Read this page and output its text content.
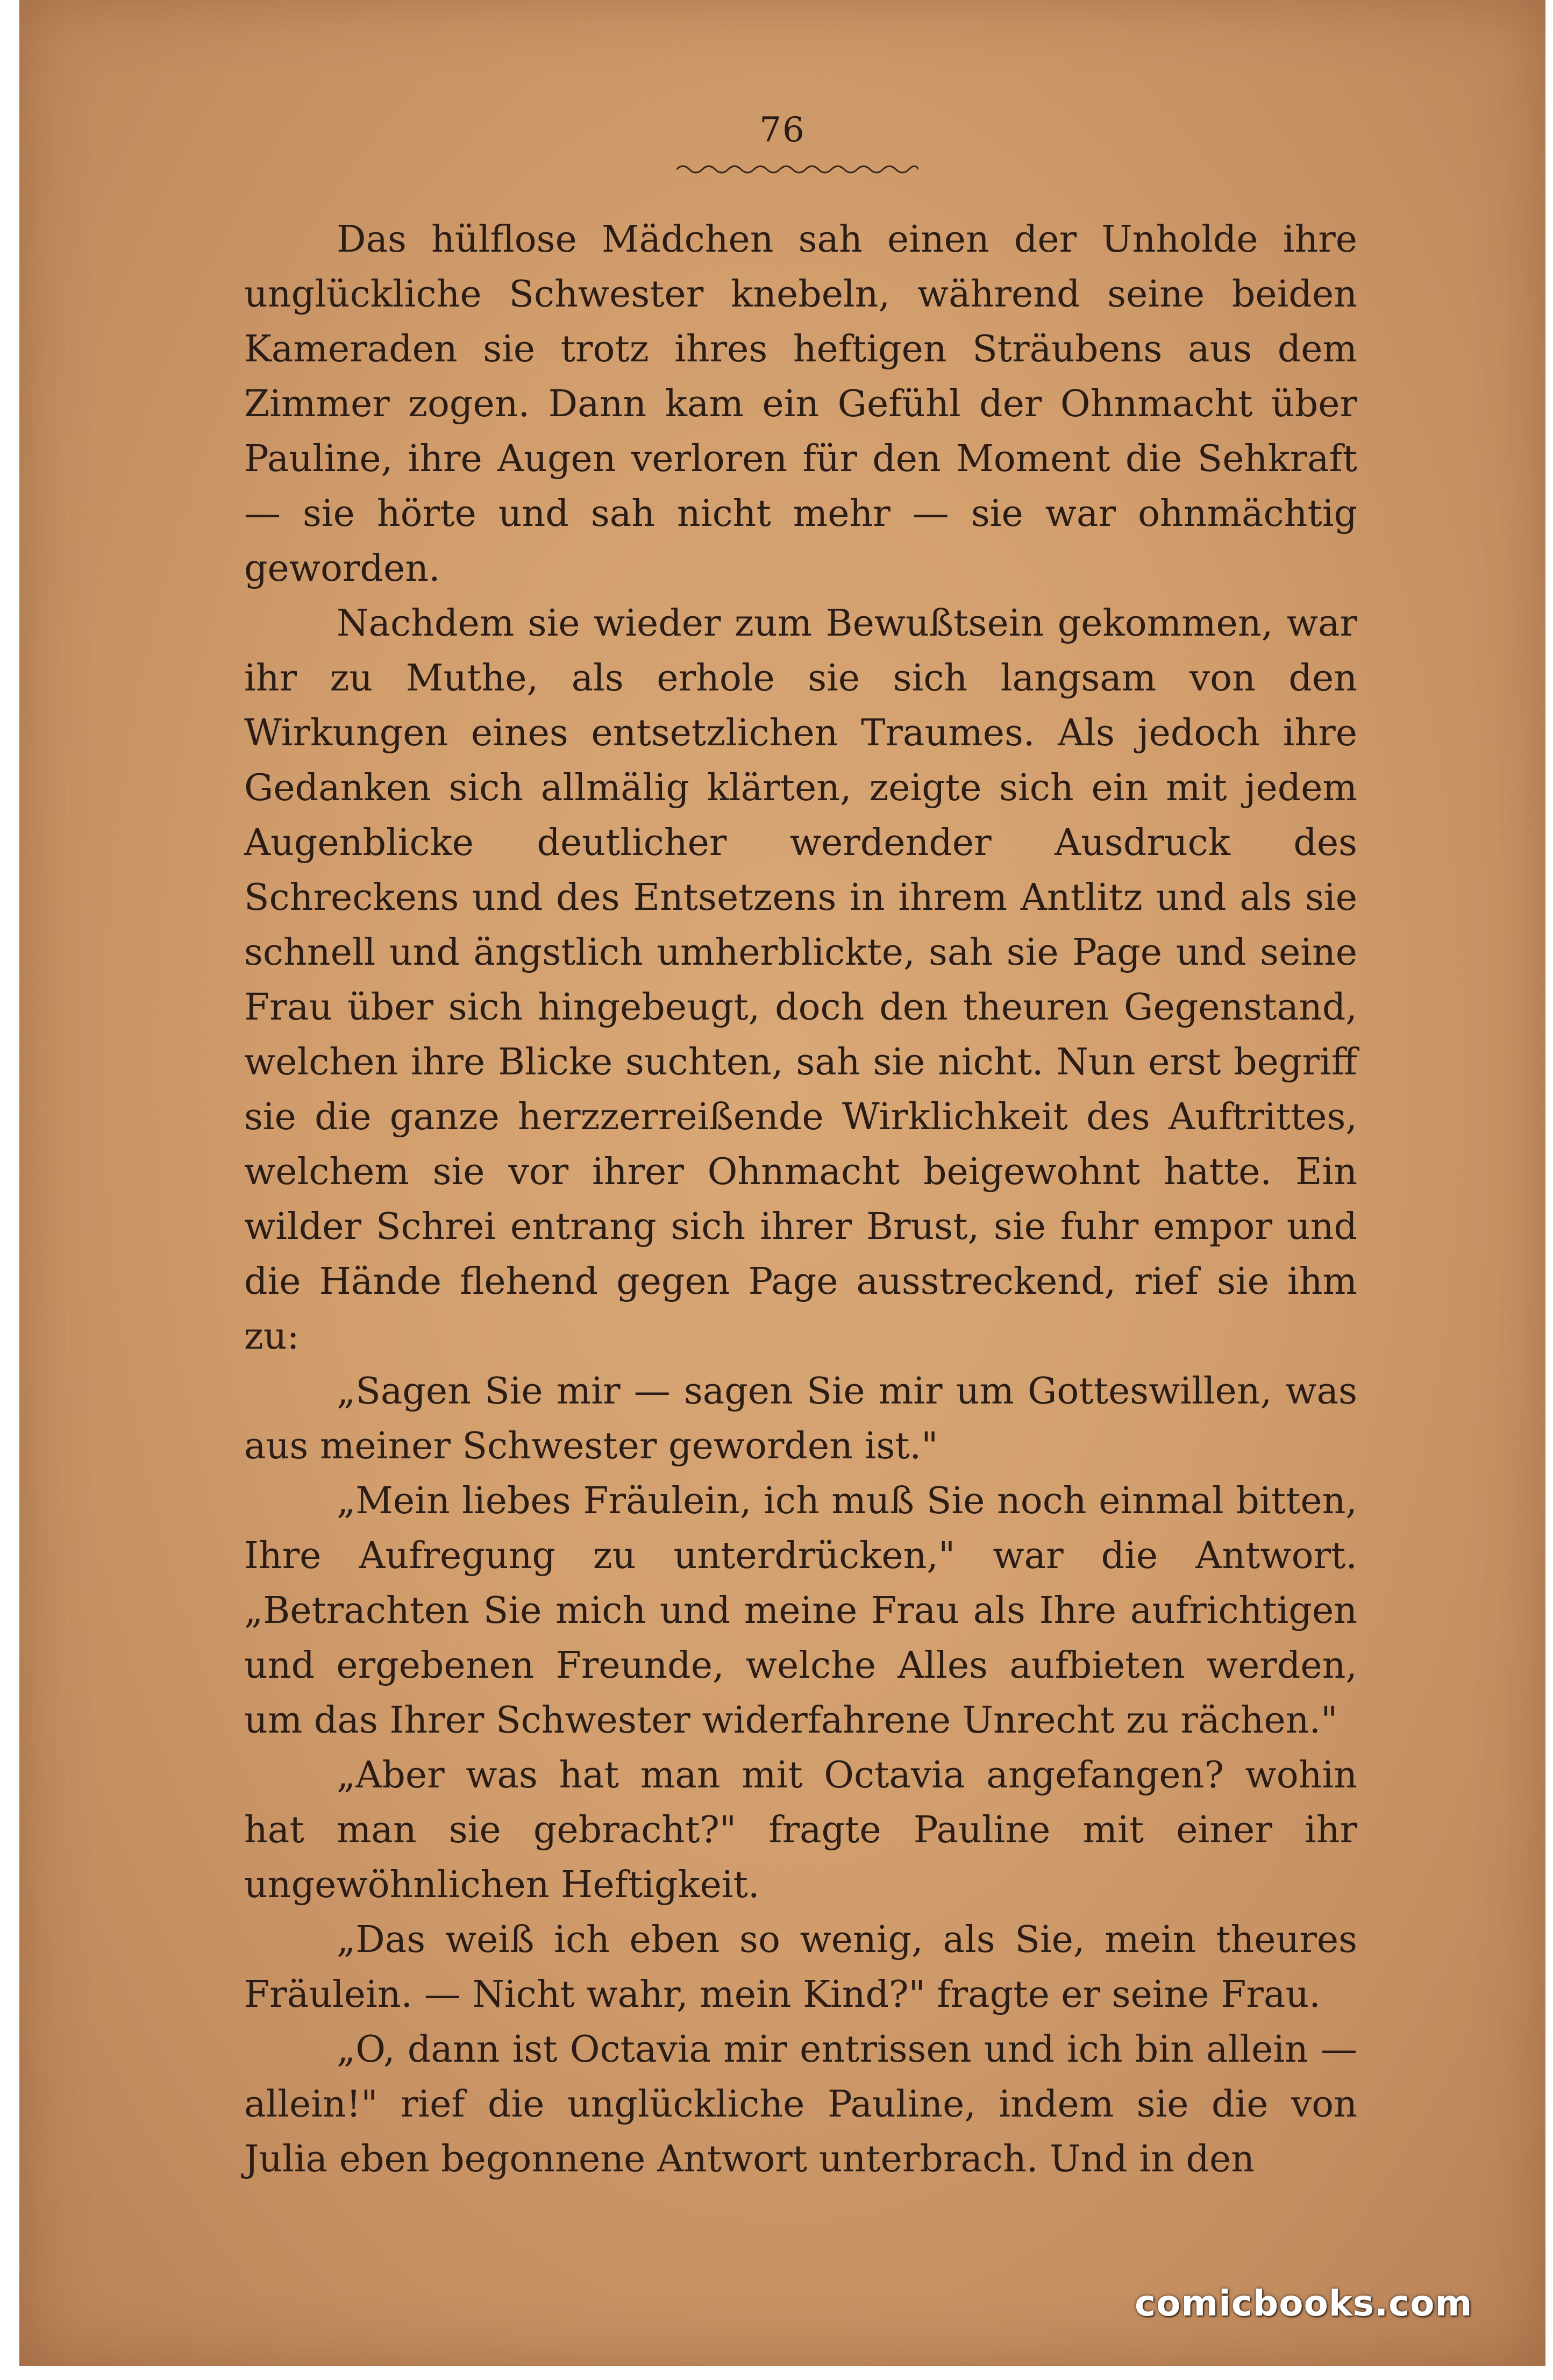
76

Das hülflose Mädchen sah einen der Unholde ihre unglückliche Schwester knebeln, während seine beiden Kameraden sie trotz ihres heftigen Sträubens aus dem Zimmer zogen. Dann kam ein Gefühl der Ohnmacht über Pauline, ihre Augen verloren für den Moment die Sehkraft — sie hörte und sah nicht mehr — sie war ohnmächtig geworden.

Nachdem sie wieder zum Bewußtsein gekommen, war ihr zu Muthe, als erhole sie sich langsam von den Wirkungen eines entsetzlichen Traumes. Als jedoch ihre Gedanken sich allmälig klärten, zeigte sich ein mit jedem Augenblicke deutlicher werdender Ausdruck des Schreckens und des Entsetzens in ihrem Antlitz und als sie schnell und ängstlich umherblickte, sah sie Page und seine Frau über sich hingebeugt, doch den theuren Gegenstand, welchen ihre Blicke suchten, sah sie nicht. Nun erst begriff sie die ganze herzzerreißende Wirklichkeit des Auftrittes, welchem sie vor ihrer Ohnmacht beigewohnt hatte. Ein wilder Schrei entrang sich ihrer Brust, sie fuhr empor und die Hände flehend gegen Page ausstreckend, rief sie ihm zu:

„Sagen Sie mir — sagen Sie mir um Gotteswillen, was aus meiner Schwester geworden ist."

„Mein liebes Fräulein, ich muß Sie noch einmal bitten, Ihre Aufregung zu unterdrücken," war die Antwort. „Betrachten Sie mich und meine Frau als Ihre aufrichtigen und ergebenen Freunde, welche Alles aufbieten werden, um das Ihrer Schwester widerfahrene Unrecht zu rächen."

„Aber was hat man mit Octavia angefangen? wohin hat man sie gebracht?" fragte Pauline mit einer ihr ungewöhnlichen Heftigkeit.

„Das weiß ich eben so wenig, als Sie, mein theures Fräulein. — Nicht wahr, mein Kind?" fragte er seine Frau.

„O, dann ist Octavia mir entrissen und ich bin allein — allein!" rief die unglückliche Pauline, indem sie die von Julia eben begonnene Antwort unterbrach. Und in den

comicbooks.com
